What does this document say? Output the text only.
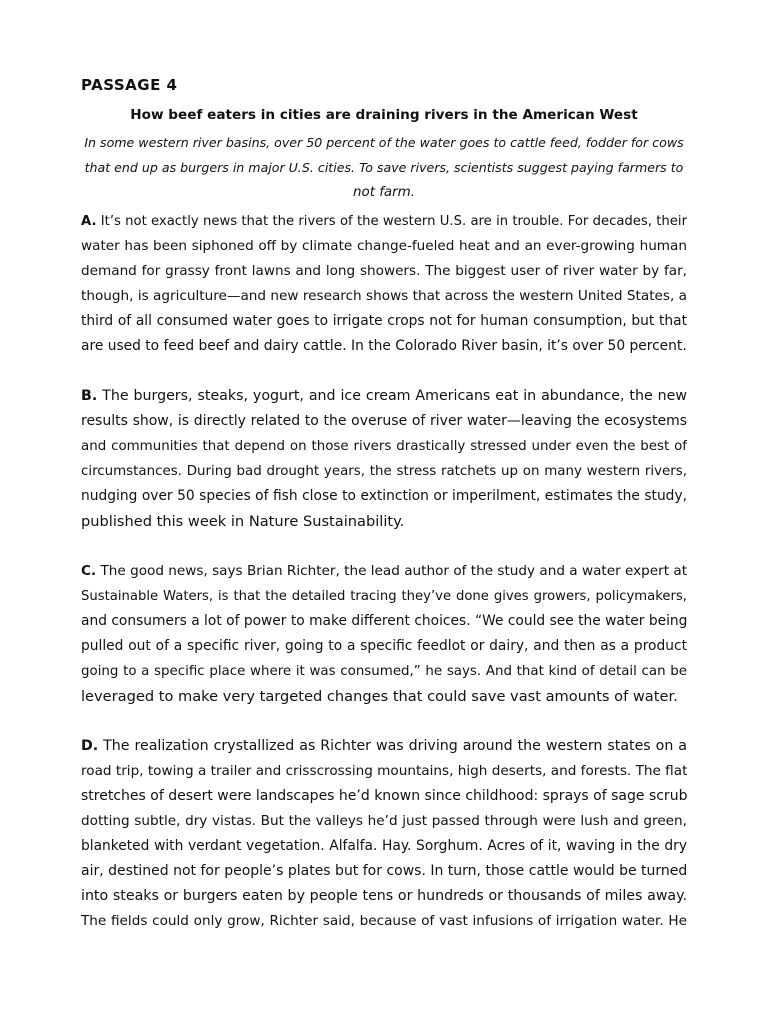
PASSAGE 4
How beef eaters in cities are draining rivers in the American West

In some western river basins, over 50 percent of the water goes to cattle feed, fodder for cows
that end up as burgers in major U.S. cities. To save rivers, scientists suggest paying farmers to
not farm.

A. It’s not exactly news that the rivers of the western U.S. are in trouble. For decades, their
water has been siphoned off by climate change-fueled heat and an ever-growing human
demand for grassy front lawns and long showers. The biggest user of river water by far,
though, is agriculture—and new research shows that across the western United States, a
third of all consumed water goes to irrigate crops not for human consumption, but that
are used to feed beef and dairy cattle. In the Colorado River basin, it’s over 50 percent.

B. The burgers, steaks, yogurt, and ice cream Americans eat in abundance, the new
results show, is directly related to the overuse of river water—leaving the ecosystems
and communities that depend on those rivers drastically stressed under even the best of
circumstances. During bad drought years, the stress ratchets up on many western rivers,
nudging over 50 species of fish close to extinction or imperilment, estimates the study,
published this week in Nature Sustainability.

C. The good news, says Brian Richter, the lead author of the study and a water expert at
Sustainable Waters, is that the detailed tracing they’ve done gives growers, policymakers,
and consumers a lot of power to make different choices. “We could see the water being
pulled out of a specific river, going to a specific feedlot or dairy, and then as a product
going to a specific place where it was consumed,” he says. And that kind of detail can be
leveraged to make very targeted changes that could save vast amounts of water.

D. The realization crystallized as Richter was driving around the western states on a
road trip, towing a trailer and crisscrossing mountains, high deserts, and forests. The flat
stretches of desert were landscapes he’d known since childhood: sprays of sage scrub
dotting subtle, dry vistas. But the valleys he’d just passed through were lush and green,
blanketed with verdant vegetation. Alfalfa. Hay. Sorghum. Acres of it, waving in the dry
air, destined not for people’s plates but for cows. In turn, those cattle would be turned
into steaks or burgers eaten by people tens or hundreds or thousands of miles away.
The fields could only grow, Richter said, because of vast infusions of irrigation water. He
